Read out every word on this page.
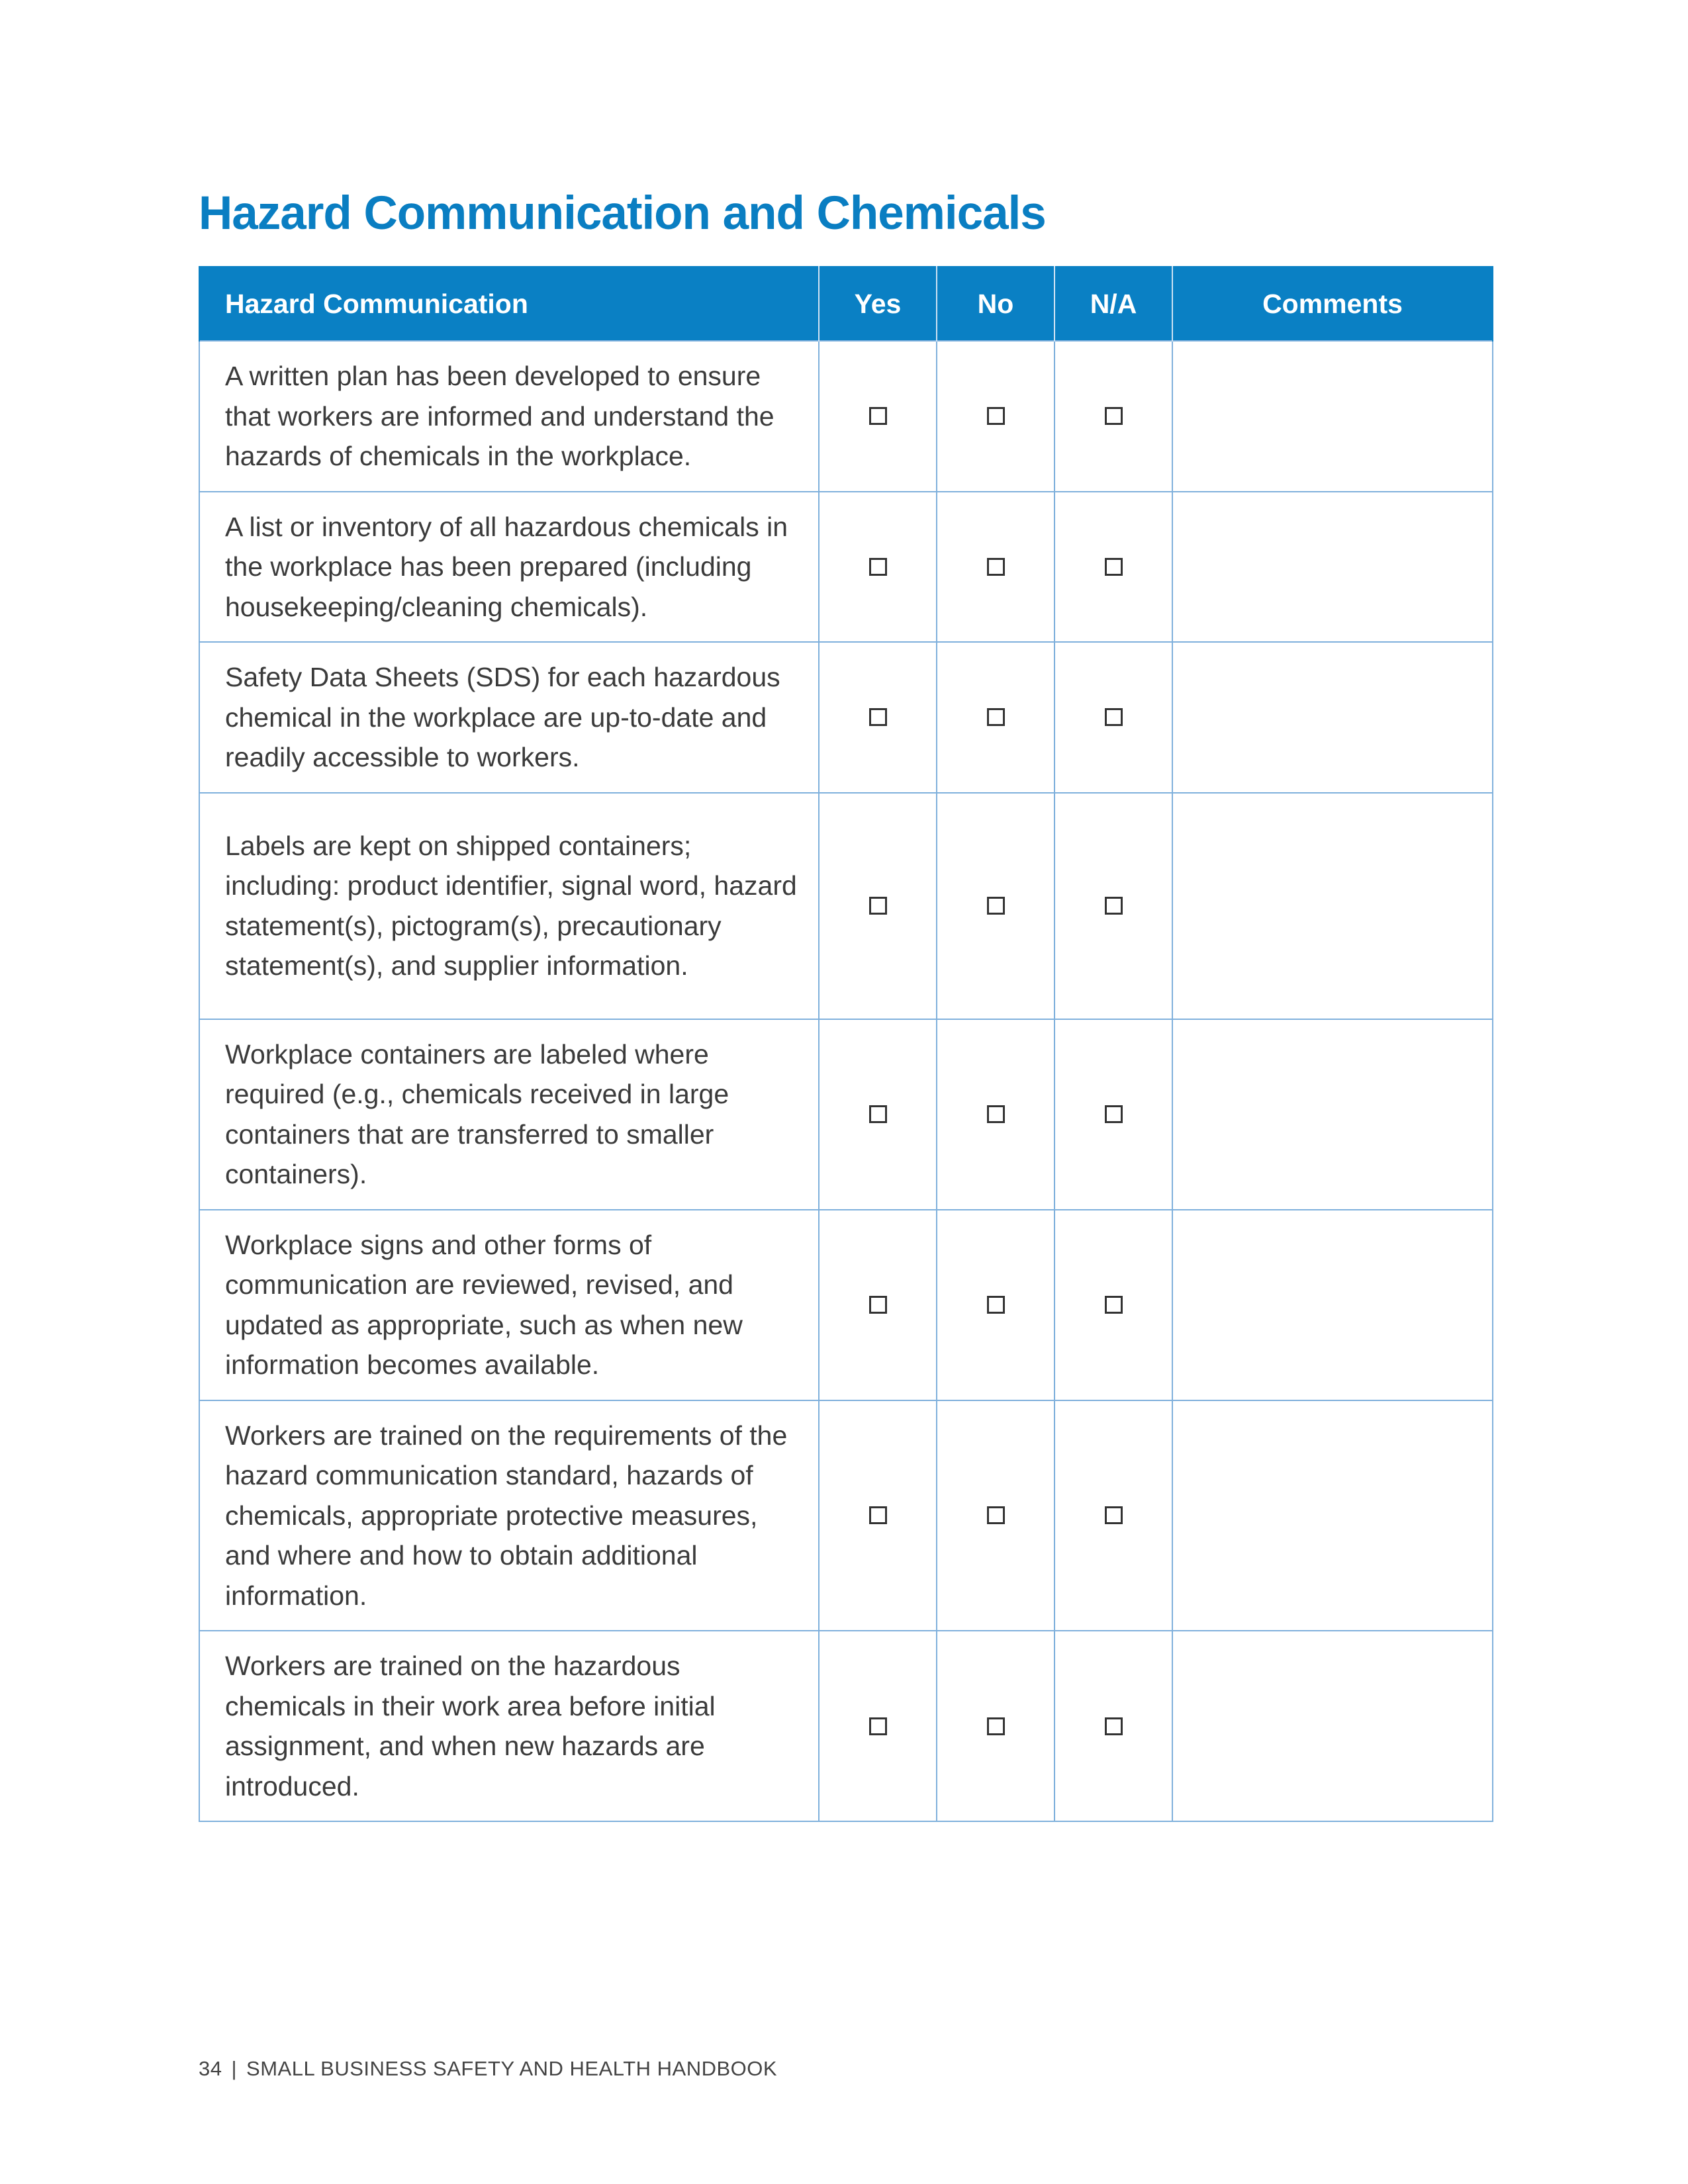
Hazard Communication and Chemicals
Hazard Communication	Yes	No	N/A	Comments
A written plan has been developed to ensure that workers are informed and understand the hazards of chemicals in the workplace.				
A list or inventory of all hazardous chemicals in the workplace has been prepared (including housekeeping/cleaning chemicals).				
Safety Data Sheets (SDS) for each hazardous chemical in the workplace are up-to-date and readily accessible to workers.				
Labels are kept on shipped containers; including: product identifier, signal word, hazard statement(s), pictogram(s), precautionary statement(s), and supplier information.				
Workplace containers are labeled where required (e.g., chemicals received in large containers that are transferred to smaller containers).				
Workplace signs and other forms of communication are reviewed, revised, and updated as appropriate, such as when new information becomes available.				
Workers are trained on the requirements of the hazard communication standard, hazards of chemicals, appropriate protective measures, and where and how to obtain additional information.				
Workers are trained on the hazardous chemicals in their work area before initial assignment, and when new hazards are introduced.				
34 | SMALL BUSINESS SAFETY AND HEALTH HANDBOOK
